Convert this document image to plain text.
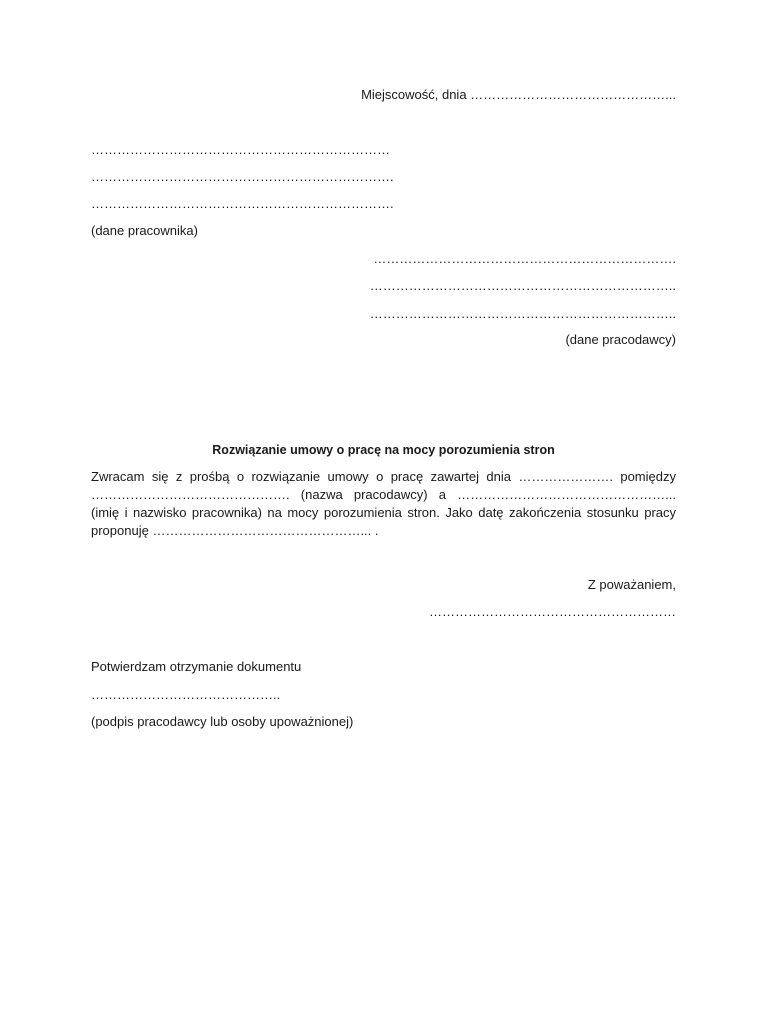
Miejscowość, dnia ………………………………………...
……………………………………………………………
…………………………………………………………….
…………………………………………………………….
(dane pracownika)
…………………………………………………………….
……………………………………………………………..
……………………………………………………………..
(dane pracodawcy)
Rozwiązanie umowy o pracę na mocy porozumienia stron

Zwracam się z prośbą o rozwiązanie umowy o pracę zawartej dnia …………………. pomiędzy ………………………………………. (nazwa pracodawcy) a …………………………………………... (imię i nazwisko pracownika) na mocy porozumienia stron. Jako datę zakończenia stosunku pracy proponuję …………………………………………... .

Z poważaniem,
…………………………………………………
Potwierdzam otrzymanie dokumentu
……………………………………..
(podpis pracodawcy lub osoby upoważnionej)
